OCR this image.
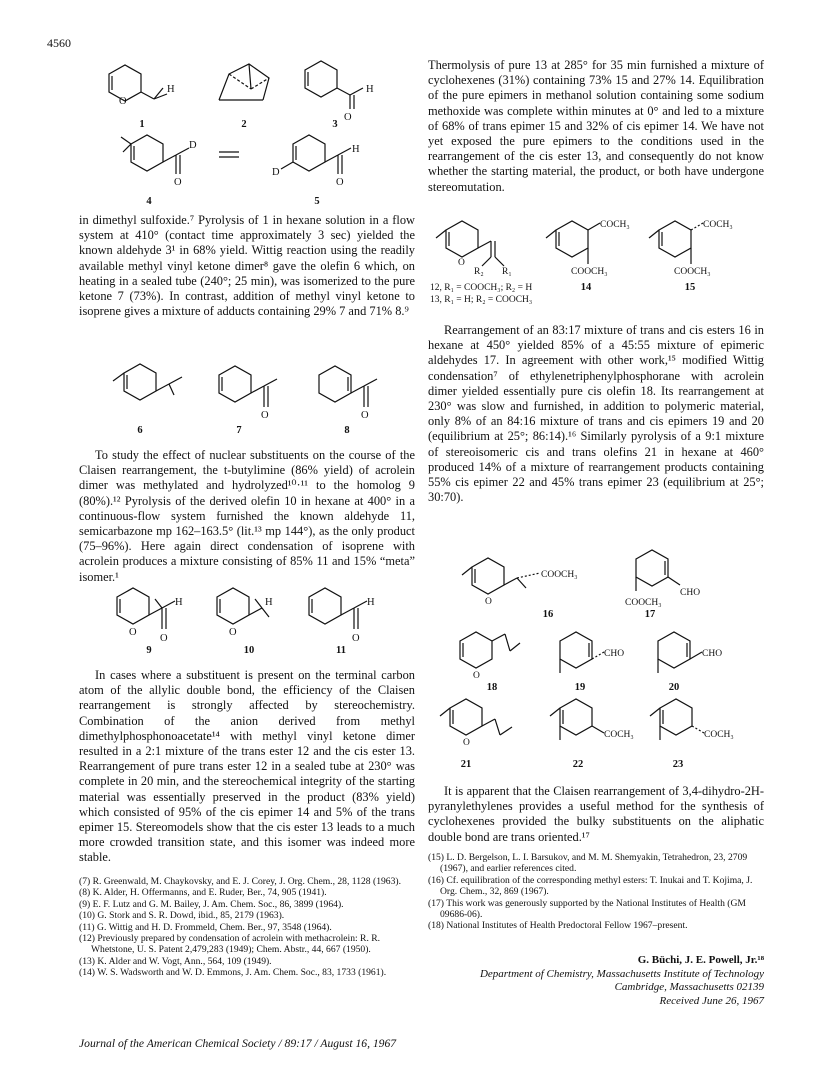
4560
O
H
O
H
D
O
D
H
O
1	2	3
4	5

in dimethyl sulfoxide.⁷ Pyrolysis of 1 in hexane solution in a flow system at 410° (contact time approximately 3 sec) yielded the known aldehyde 3¹ in 68% yield. Wittig reaction using the readily available methyl vinyl ketone dimer⁸ gave the olefin 6 which, on heating in a sealed tube (240°; 25 min), was isomerized to the pure ketone 7 (73%). In contrast, addition of methyl vinyl ketone to isoprene gives a mixture of adducts containing 29% 7 and 71% 8.⁹

O	O
6	7	8

To study the effect of nuclear substituents on the course of the Claisen rearrangement, the t-butylimine (86% yield) of acrolein dimer was methylated and hydrolyzed¹⁰·¹¹ to the homolog 9 (80%).¹² Pyrolysis of the derived olefin 10 in hexane at 400° in a continuous-flow system furnished the known aldehyde 11, semicarbazone mp 162–163.5° (lit.¹³ mp 144°), as the only product (75–96%). Here again direct condensation of isoprene with acrolein produces a mixture consisting of 85% 11 and 15% “meta” isomer.¹

O
H
O
O
H	H
O
9	10	11

In cases where a substituent is present on the terminal carbon atom of the allylic double bond, the efficiency of the Claisen rearrangement is strongly affected by stereochemistry. Combination of the anion derived from methyl dimethylphosphonoacetate¹⁴ with methyl vinyl ketone dimer resulted in a 2:1 mixture of the trans ester 12 and the cis ester 13. Rearrangement of pure trans ester 12 in a sealed tube at 230° was complete in 20 min, and the stereochemical integrity of the starting material was essentially preserved in the product (83% yield) which consisted of 95% of the cis epimer 14 and 5% of the trans epimer 15. Stereomodels show that the cis ester 13 leads to a much more crowded transition state, and this isomer was indeed more stable.

(7) R. Greenwald, M. Chaykovsky, and E. J. Corey, J. Org. Chem., 28, 1128 (1963).
(8) K. Alder, H. Offermanns, and E. Ruder, Ber., 74, 905 (1941).
(9) E. F. Lutz and G. M. Bailey, J. Am. Chem. Soc., 86, 3899 (1964).
(10) G. Stork and S. R. Dowd, ibid., 85, 2179 (1963).
(11) G. Wittig and H. D. Frommeld, Chem. Ber., 97, 3548 (1964).
(12) Previously prepared by condensation of acrolein with methacrolein: R. R. Whetstone, U. S. Patent 2,479,283 (1949); Chem. Abstr., 44, 667 (1950).
(13) K. Alder and W. Vogt, Ann., 564, 109 (1949).
(14) W. S. Wadsworth and W. D. Emmons, J. Am. Chem. Soc., 83, 1733 (1961).

Thermolysis of pure 13 at 285° for 35 min furnished a mixture of cyclohexenes (31%) containing 73% 15 and 27% 14. Equilibration of the pure epimers in methanol solution containing some sodium methoxide was complete within minutes at 0° and led to a mixture of 68% of trans epimer 15 and 32% of cis epimer 14. We have not yet exposed the pure epimers to the conditions used in the rearrangement of the cis ester 13, and consequently do not know whether the starting material, the product, or both have undergone stereomutation.

O
R₂ R₁
COCH₃
COOCH₃
COCH₃
COOCH₃
12, R₁ = COOCH₃; R₂ = H
13, R₁ = H; R₂ = COOCH₃
14	15

Rearrangement of an 83:17 mixture of trans and cis esters 16 in hexane at 450° yielded 85% of a 45:55 mixture of epimeric aldehydes 17. In agreement with other work,¹⁵ modified Wittig condensation⁷ of ethylenetriphenylphosphorane with acrolein dimer yielded essentially pure cis olefin 18. Its rearrangement at 230° was slow and furnished, in addition to polymeric material, only 8% of an 84:16 mixture of trans and cis epimers 19 and 20 (equilibrium at 25°; 86:14).¹⁶ Similarly pyrolysis of a 9:1 mixture of stereoisomeric cis and trans olefins 21 in hexane at 460° produced 14% of a mixture of rearrangement products containing 55% cis epimer 22 and 45% trans epimer 23 (equilibrium at 25°; 30:70).

O
COOCH₃
CHO
COOCH₃
O
CHO	CHO
O
COCH₃	COCH₃
16	17
18	19	20
21	22	23

It is apparent that the Claisen rearrangement of 3,4-dihydro-2H-pyranylethylenes provides a useful method for the synthesis of cyclohexenes provided the bulky substituents on the aliphatic double bond are trans oriented.¹⁷

(15) L. D. Bergelson, L. I. Barsukov, and M. M. Shemyakin, Tetrahedron, 23, 2709 (1967), and earlier references cited.
(16) Cf. equilibration of the corresponding methyl esters: T. Inukai and T. Kojima, J. Org. Chem., 32, 869 (1967).
(17) This work was generously supported by the National Institutes of Health (GM 09686-06).
(18) National Institutes of Health Predoctoral Fellow 1967–present.
G. Büchi, J. E. Powell, Jr.¹⁸
Department of Chemistry, Massachusetts Institute of Technology
Cambridge, Massachusetts 02139
Received June 26, 1967
Journal of the American Chemical Society / 89:17 / August 16, 1967
